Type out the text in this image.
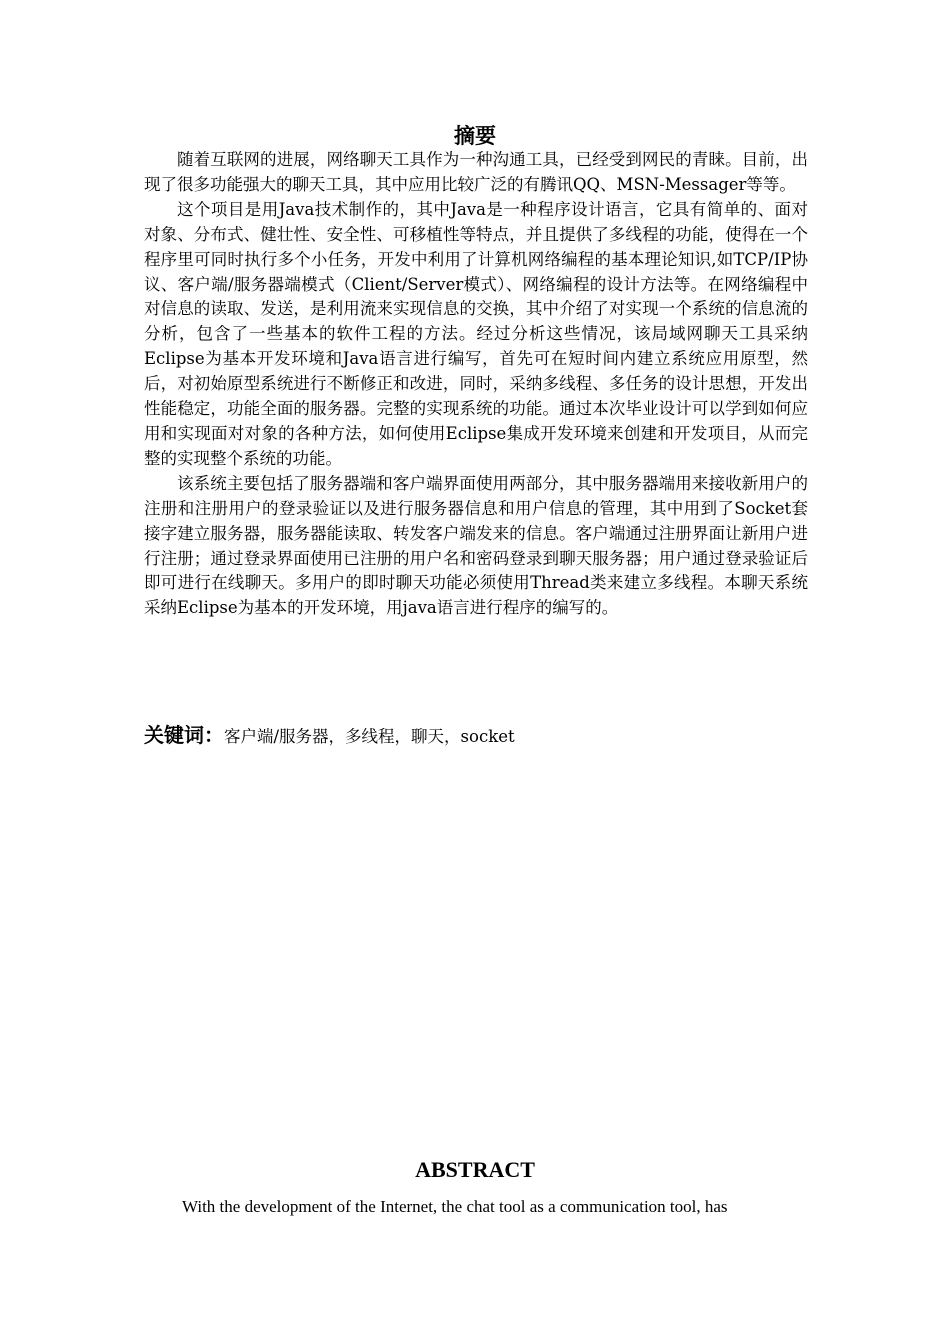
摘要

随着互联网的进展，网络聊天工具作为一种沟通工具，已经受到网民的青睐。目前，出现了很多功能强大的聊天工具，其中应用比较广泛的有腾讯QQ、MSN-Messager等等。

这个项目是用Java技术制作的，其中Java是一种程序设计语言，它具有简单的、面对对象、分布式、健壮性、安全性、可移植性等特点，并且提供了多线程的功能，使得在一个程序里可同时执行多个小任务，开发中利用了计算机网络编程的基本理论知识,如TCP/IP协议、客户端/服务器端模式（Client/Server模式）、网络编程的设计方法等。在网络编程中对信息的读取、发送，是利用流来实现信息的交换，其中介绍了对实现一个系统的信息流的分析，包含了一些基本的软件工程的方法。经过分析这些情况，该局域网聊天工具采纳Eclipse为基本开发环境和Java语言进行编写，首先可在短时间内建立系统应用原型，然后，对初始原型系统进行不断修正和改进，同时，采纳多线程、多任务的设计思想，开发出性能稳定，功能全面的服务器。完整的实现系统的功能。通过本次毕业设计可以学到如何应用和实现面对对象的各种方法，如何使用Eclipse集成开发环境来创建和开发项目，从而完整的实现整个系统的功能。

该系统主要包括了服务器端和客户端界面使用两部分，其中服务器端用来接收新用户的注册和注册用户的登录验证以及进行服务器信息和用户信息的管理，其中用到了Socket套接字建立服务器，服务器能读取、转发客户端发来的信息。客户端通过注册界面让新用户进行注册；通过登录界面使用已注册的用户名和密码登录到聊天服务器；用户通过登录验证后即可进行在线聊天。多用户的即时聊天功能必须使用Thread类来建立多线程。本聊天系统采纳Eclipse为基本的开发环境，用java语言进行程序的编写的。

关键词：客户端/服务器，多线程，聊天，socket
ABSTRACT

With the development of the Internet, the chat tool as a communication tool, has
